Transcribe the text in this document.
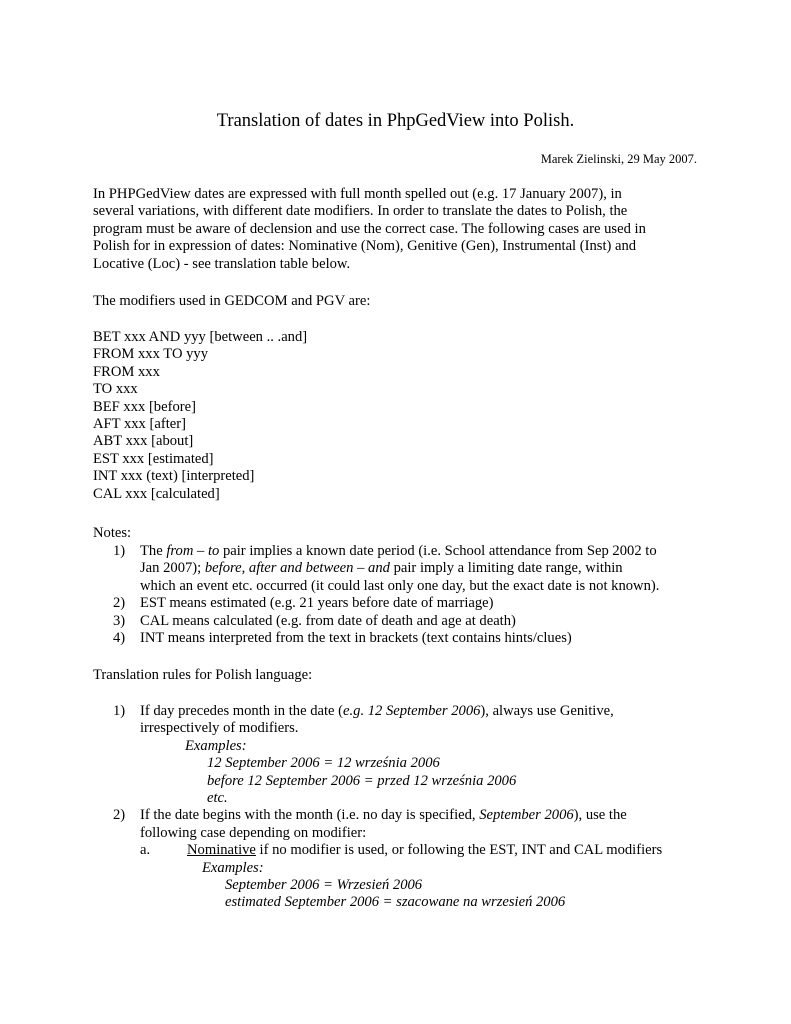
Translation of dates in PhpGedView into Polish.
Marek Zielinski, 29 May 2007.

In PHPGedView dates are expressed with full month spelled out (e.g. 17 January 2007), in

several variations, with different date modifiers. In order to translate the dates to Polish, the

program must be aware of declension and use the correct case. The following cases are used in

Polish for in expression of dates: Nominative (Nom), Genitive (Gen), Instrumental (Inst) and

Locative (Loc) - see translation table below.

The modifiers used in GEDCOM and PGV are:

BET xxx AND yyy [between .. .and]

FROM xxx TO yyy

FROM xxx

TO xxx

BEF xxx [before]

AFT xxx [after]

ABT xxx [about]

EST xxx [estimated]

INT xxx (text) [interpreted]

CAL xxx [calculated]

Notes:
1) The from – to pair implies a known date period (i.e. School attendance from Sep 2002 to
Jan 2007); before, after and between – and pair imply a limiting date range, within
which an event etc. occurred (it could last only one day, but the exact date is not known).
2) EST means estimated (e.g. 21 years before date of marriage)
3) CAL means calculated (e.g. from date of death and age at death)
4) INT means interpreted from the text in brackets (text contains hints/clues)
Translation rules for Polish language:
1) If day precedes month in the date (e.g. 12 September 2006), always use Genitive,
irrespectively of modifiers.
Examples:
12 September 2006 = 12 września 2006
before 12 September 2006 = przed 12 września 2006
etc.
2) If the date begins with the month (i.e. no day is specified, September 2006), use the
following case depending on modifier:
a.	Nominative if no modifier is used, or following the EST, INT and CAL modifiers
Examples:
September 2006 = Wrzesień 2006
estimated September 2006 = szacowane na wrzesień 2006
